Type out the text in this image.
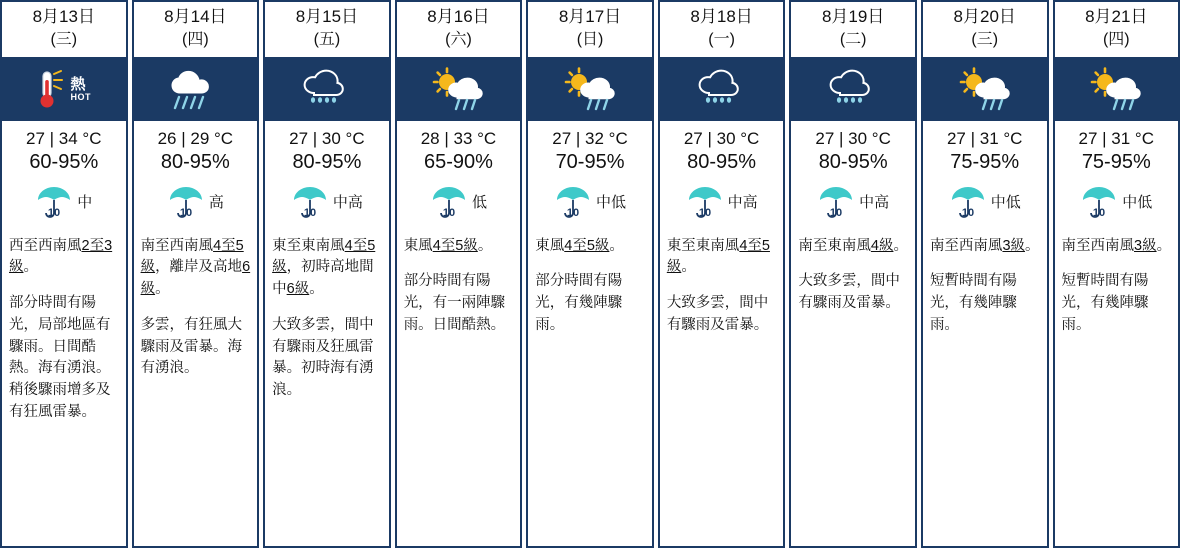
8月13日
(三)
熱
HOT
27 | 34 °C
60-95%
10
中

西至西南風2至3級。

部分時間有陽光，局部地區有驟雨。日間酷熱。海有湧浪。稍後驟雨增多及有狂風雷暴。

8月14日
(四)
26 | 29 °C
80-95%
10
高

南至西南風4至5級，離岸及高地6級。

多雲，有狂風大驟雨及雷暴。海有湧浪。

8月15日
(五)
27 | 30 °C
80-95%
10
中高

東至東南風4至5級，初時高地間中6級。

大致多雲，間中有驟雨及狂風雷暴。初時海有湧浪。

8月16日
(六)
28 | 33 °C
65-90%
10
低

東風4至5級。

部分時間有陽光，有一兩陣驟雨。日間酷熱。

8月17日
(日)
27 | 32 °C
70-95%
10
中低

東風4至5級。

部分時間有陽光，有幾陣驟雨。

8月18日
(一)
27 | 30 °C
80-95%
10
中高

東至東南風4至5級。

大致多雲，間中有驟雨及雷暴。

8月19日
(二)
27 | 30 °C
80-95%
10
中高

南至東南風4級。

大致多雲，間中有驟雨及雷暴。

8月20日
(三)
27 | 31 °C
75-95%
10
中低

南至西南風3級。

短暫時間有陽光，有幾陣驟雨。

8月21日
(四)
27 | 31 °C
75-95%
10
中低

南至西南風3級。

短暫時間有陽光，有幾陣驟雨。
